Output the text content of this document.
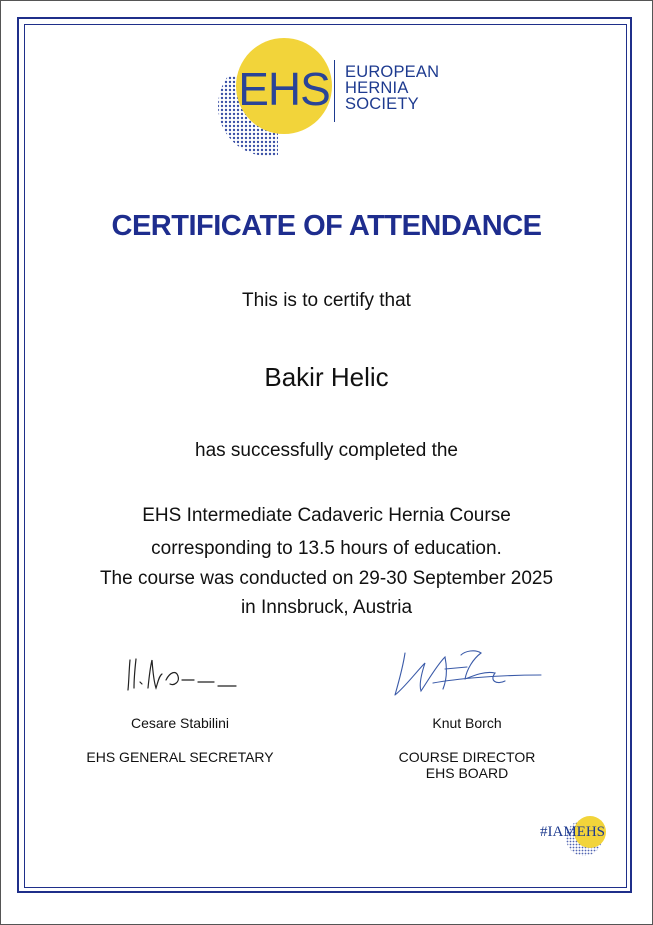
EHS EUROPEAN
HERNIA
SOCIETY
CERTIFICATE OF ATTENDANCE
This is to certify that
Bakir Helic
has successfully completed the
EHS Intermediate Cadaveric Hernia Course
corresponding to 13.5 hours of education.
The course was conducted on 29-30 September 2025
in Innsbruck, Austria
Cesare Stabilini
EHS GENERAL SECRETARY
Knut Borch
COURSE DIRECTOR
EHS BOARD
#IAMEHS
